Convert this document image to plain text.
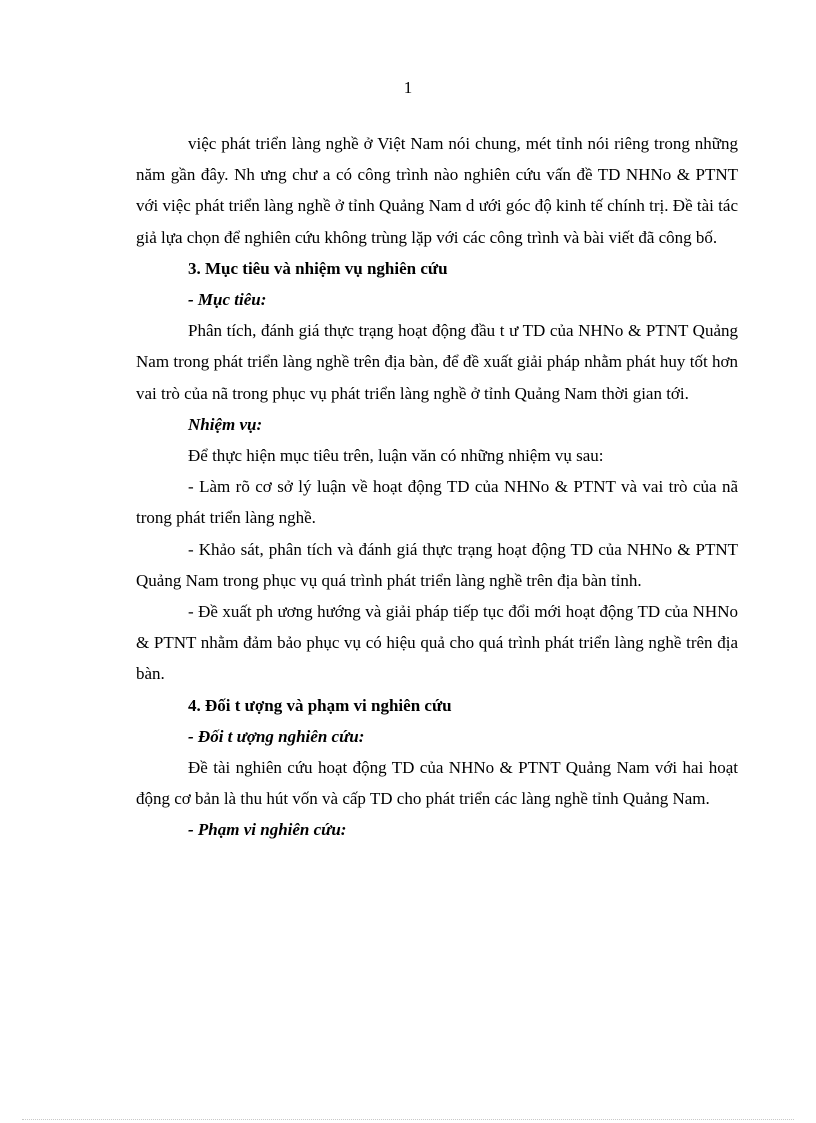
1

việc phát triển làng nghề ở Việt Nam nói chung, mét tỉnh nói riêng trong những năm gần đây. Nh ưng chư a có công trình nào nghiên cứu vấn đề TD NHNo & PTNT với việc phát triển làng nghề ở tỉnh Quảng Nam d ưới góc độ kinh tế chính trị. Đề tài tác giả lựa chọn để nghiên cứu không trùng lặp với các công trình và bài viết đã công bố.

3. Mục tiêu và nhiệm vụ nghiên cứu

- Mục tiêu:

Phân tích, đánh giá thực trạng hoạt động đầu t ư TD của NHNo & PTNT Quảng Nam trong phát triển làng nghề trên địa bàn, để đề xuất giải pháp nhằm phát huy tốt hơn vai trò của nã trong phục vụ phát triển làng nghề ở tỉnh Quảng Nam thời gian tới.

Nhiệm vụ:

Để thực hiện mục tiêu trên, luận văn có những nhiệm vụ sau:

- Làm rõ cơ sở lý luận về hoạt động TD của NHNo & PTNT và vai trò của nã trong phát triển làng nghề.

- Khảo sát, phân tích và đánh giá thực trạng hoạt động TD của NHNo & PTNT Quảng Nam trong phục vụ quá trình phát triển làng nghề trên địa bàn tỉnh.

- Đề xuất ph ương hướng và giải pháp tiếp tục đổi mới hoạt động TD của NHNo & PTNT nhằm đảm bảo phục vụ có hiệu quả cho quá trình phát triển làng nghề trên địa bàn.

4. Đối t ượng và phạm vi nghiên cứu

- Đối t ượng nghiên cứu:

Đề tài nghiên cứu hoạt động TD của NHNo & PTNT Quảng Nam với hai hoạt động cơ bản là thu hút vốn và cấp TD cho phát triển các làng nghề tỉnh Quảng Nam.

- Phạm vi nghiên cứu:
